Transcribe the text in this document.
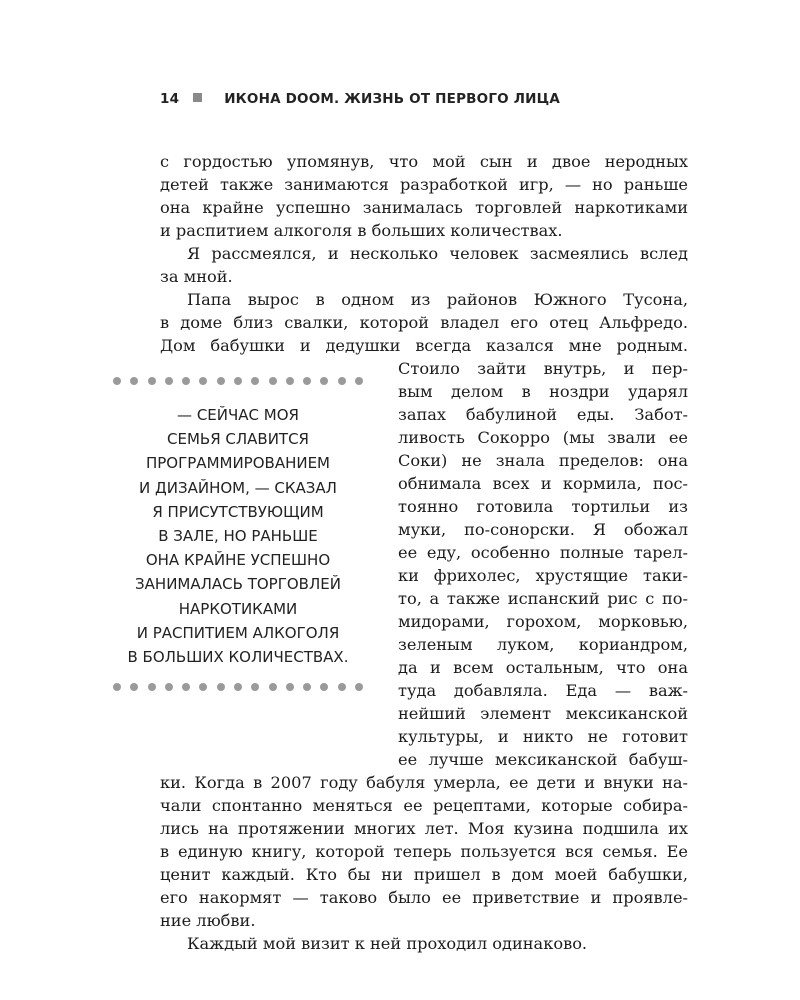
14	ИКОНА DOOM. ЖИЗНЬ ОТ ПЕРВОГО ЛИЦА
с гордостью упомянув, что мой сын и двое неродных
детей также занимаются разработкой игр, — но раньше
она крайне успешно занималась торговлей наркотиками
и распитием алкоголя в больших количествах.
Я рассмеялся, и несколько человек засмеялись вслед
за мной.
Папа вырос в одном из районов Южного Тусона,
в доме близ свалки, которой владел его отец Альфредо.
Дом бабушки и дедушки всегда казался мне родным.
Стоило зайти внутрь, и пер-
вым делом в ноздри ударял
запах бабулиной еды. Забот-
ливость Сокорро (мы звали ее
Соки) не знала пределов: она
обнимала всех и кормила, пос-
тоянно готовила тортильи из
муки, по-сонорски. Я обожал
ее еду, особенно полные тарел-
ки фрихолес, хрустящие таки-
то, а также испанский рис с по-
мидорами, горохом, морковью,
зеленым луком, кориандром,
да и всем остальным, что она
туда добавляла. Еда — важ-
нейший элемент мексиканской
культуры, и никто не готовит
ее лучше мексиканской бабуш-
ки. Когда в 2007 году бабуля умерла, ее дети и внуки на-
чали спонтанно меняться ее рецептами, которые собира-
лись на протяжении многих лет. Моя кузина подшила их
в единую книгу, которой теперь пользуется вся семья. Ее
ценит каждый. Кто бы ни пришел в дом моей бабушки,
его накормят — таково было ее приветствие и проявле-
ние любви.
Каждый мой визит к ней проходил одинаково.
— СЕЙЧАС МОЯ
СЕМЬЯ СЛАВИТСЯ
ПРОГРАММИРОВАНИЕМ
И ДИЗАЙНОМ, — СКАЗАЛ
Я ПРИСУТСТВУЮЩИМ
В ЗАЛЕ, НО РАНЬШЕ
ОНА КРАЙНЕ УСПЕШНО
ЗАНИМАЛАСЬ ТОРГОВЛЕЙ
НАРКОТИКАМИ
И РАСПИТИЕМ АЛКОГОЛЯ
В БОЛЬШИХ КОЛИЧЕСТВАХ.
